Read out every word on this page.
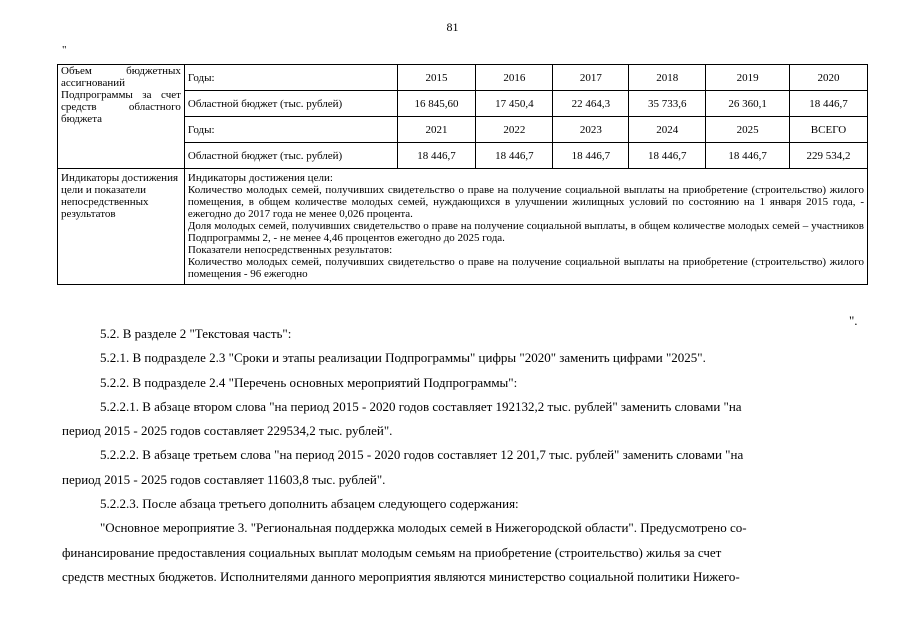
81
"
Объем бюджетных ассигнований Подпрограммы за счет средств областного бюджета	Годы:	2015	2016	2017	2018	2019	2020
	Областной бюджет (тыс. рублей)	16 845,60	17 450,4	22 464,3	35 733,6	26 360,1	18 446,7
	Годы:	2021	2022	2023	2024	2025	ВСЕГО
	Областной бюджет (тыс. рублей)	18 446,7	18 446,7	18 446,7	18 446,7	18 446,7	229 534,2
Индикаторы достижения цели и показатели непосредственных результатов	Индикаторы достижения цели:
Количество молодых семей, получивших свидетельство о праве на получение социальной выплаты на приобретение (строительство) жилого помещения, в общем количестве молодых семей, нуждающихся в улучшении жилищных условий по состоянию на 1 января 2015 года, - ежегодно до 2017 года не менее 0,026 процента.
Доля молодых семей, получивших свидетельство о праве на получение социальной выплаты, в общем количестве молодых семей – участников Подпрограммы 2, - не менее 4,46 процентов ежегодно до 2025 года.
Показатели непосредственных результатов:
Количество молодых семей, получивших свидетельство о праве на получение социальной выплаты на приобретение (строительство) жилого помещения - 96 ежегодно						
".

5.2. В разделе 2 "Текстовая часть":

5.2.1. В подразделе 2.3 "Сроки и этапы реализации Подпрограммы" цифры "2020" заменить цифрами "2025".

5.2.2. В подразделе 2.4 "Перечень основных мероприятий Подпрограммы":

5.2.2.1. В абзаце втором слова "на период 2015 - 2020 годов составляет 192132,2 тыс. рублей" заменить словами "на

период 2015 - 2025 годов составляет 229534,2 тыс. рублей".

5.2.2.2. В абзаце третьем слова "на период 2015 - 2020 годов составляет 12 201,7 тыс. рублей" заменить словами "на

период 2015 - 2025 годов составляет 11603,8 тыс. рублей".

5.2.2.3. После абзаца третьего дополнить абзацем следующего содержания:

"Основное мероприятие 3. "Региональная поддержка молодых семей в Нижегородской области". Предусмотрено со-

финансирование предоставления социальных выплат молодым семьям на приобретение (строительство) жилья за счет

средств местных бюджетов. Исполнителями данного мероприятия являются министерство социальной политики Нижего-
